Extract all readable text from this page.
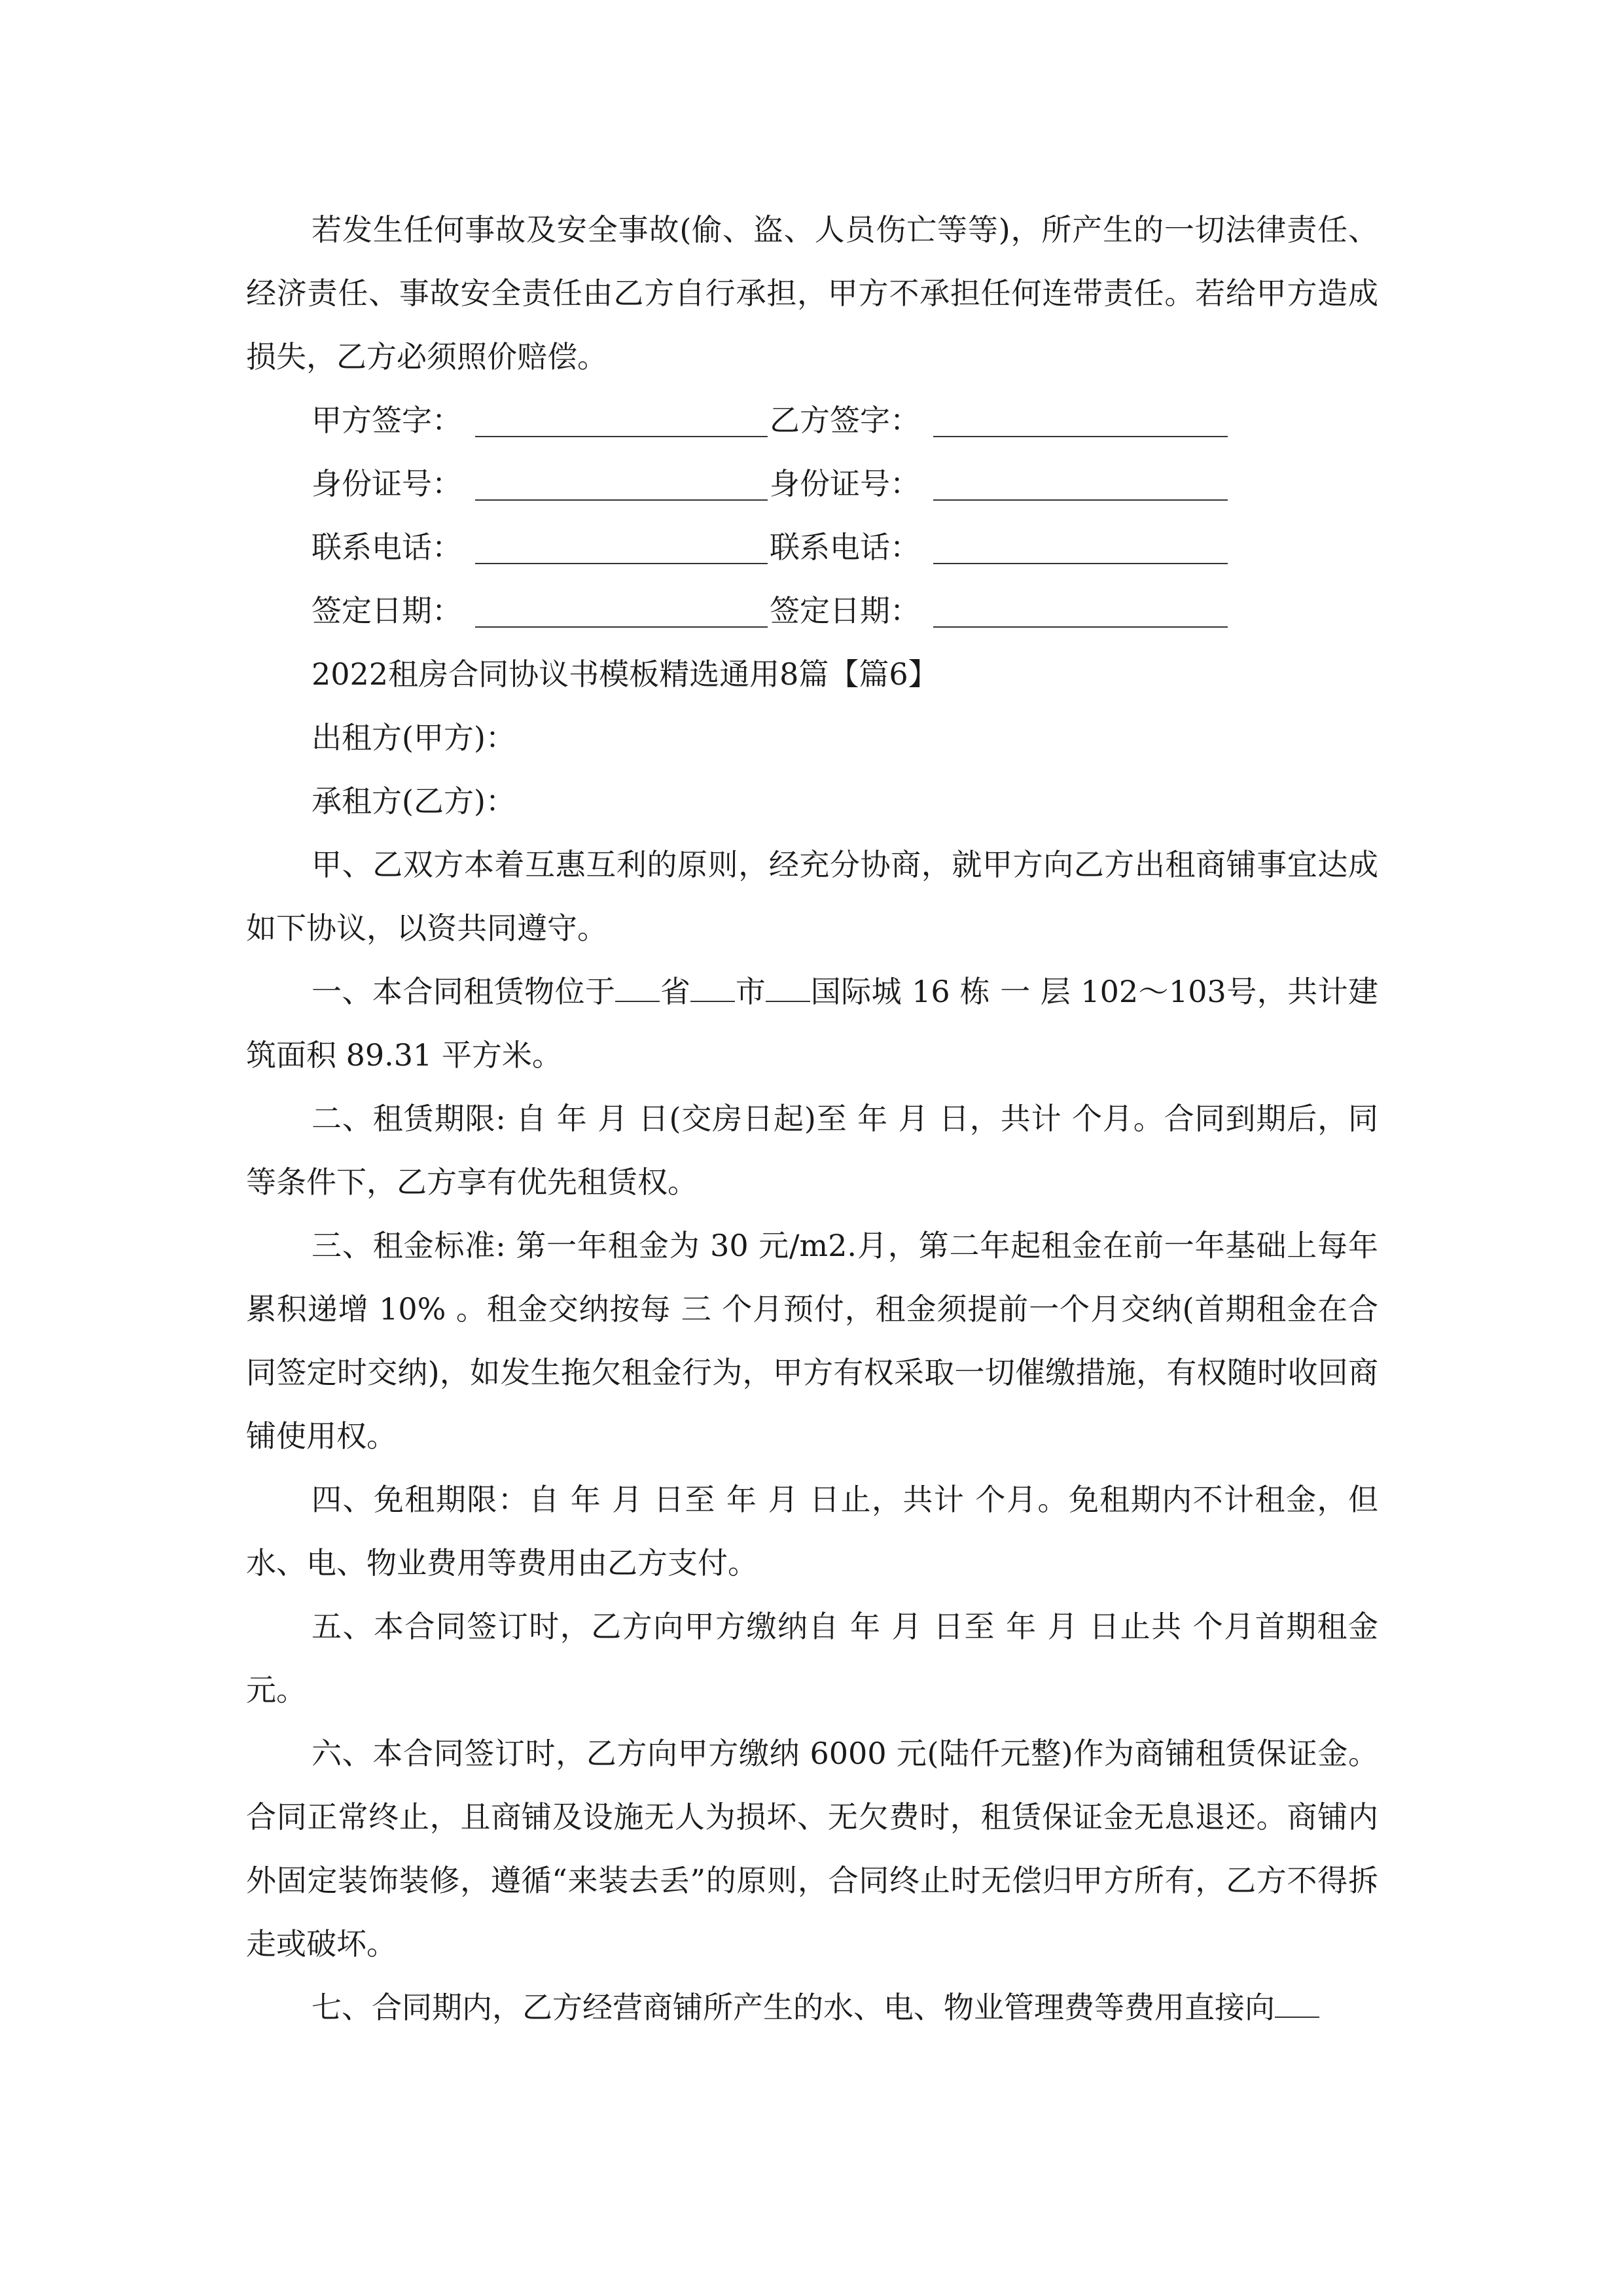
若发生任何事故及安全事故(偷、盗、人员伤亡等等)，所产生的一切法律责任、经济责任、事故安全责任由乙方自行承担，甲方不承担任何连带责任。若给甲方造成损失，乙方必须照价赔偿。

甲方签字：	乙方签字：
身份证号：	身份证号：
联系电话：	联系电话：
签定日期：	签定日期：

2022租房合同协议书模板精选通用8篇【篇6】

出租方(甲方)：

承租方(乙方)：

甲、乙双方本着互惠互利的原则，经充分协商，就甲方向乙方出租商铺事宜达成如下协议，以资共同遵守。

一、本合同租赁物位于 省 市 国际城 16 栋 一 层 102～103号，共计建筑面积 89.31 平方米。

二、租赁期限: 自 年 月 日(交房日起)至 年 月 日，共计 个月。合同到期后，同等条件下，乙方享有优先租赁权。

三、租金标准: 第一年租金为 30 元/m2.月，第二年起租金在前一年基础上每年累积递增 10% 。租金交纳按每 三 个月预付，租金须提前一个月交纳(首期租金在合同签定时交纳)，如发生拖欠租金行为，甲方有权采取一切催缴措施，有权随时收回商铺使用权。

四、免租期限：自 年 月 日至 年 月 日止，共计 个月。免租期内不计租金，但水、电、物业费用等费用由乙方支付。

五、本合同签订时，乙方向甲方缴纳自 年 月 日至 年 月 日止共 个月首期租金 元。

六、本合同签订时，乙方向甲方缴纳 6000 元(陆仟元整)作为商铺租赁保证金。合同正常终止，且商铺及设施无人为损坏、无欠费时，租赁保证金无息退还。商铺内外固定装饰装修，遵循“来装去丢”的原则，合同终止时无偿归甲方所有，乙方不得拆走或破坏。

七、合同期内，乙方经营商铺所产生的水、电、物业管理费等费用直接向
